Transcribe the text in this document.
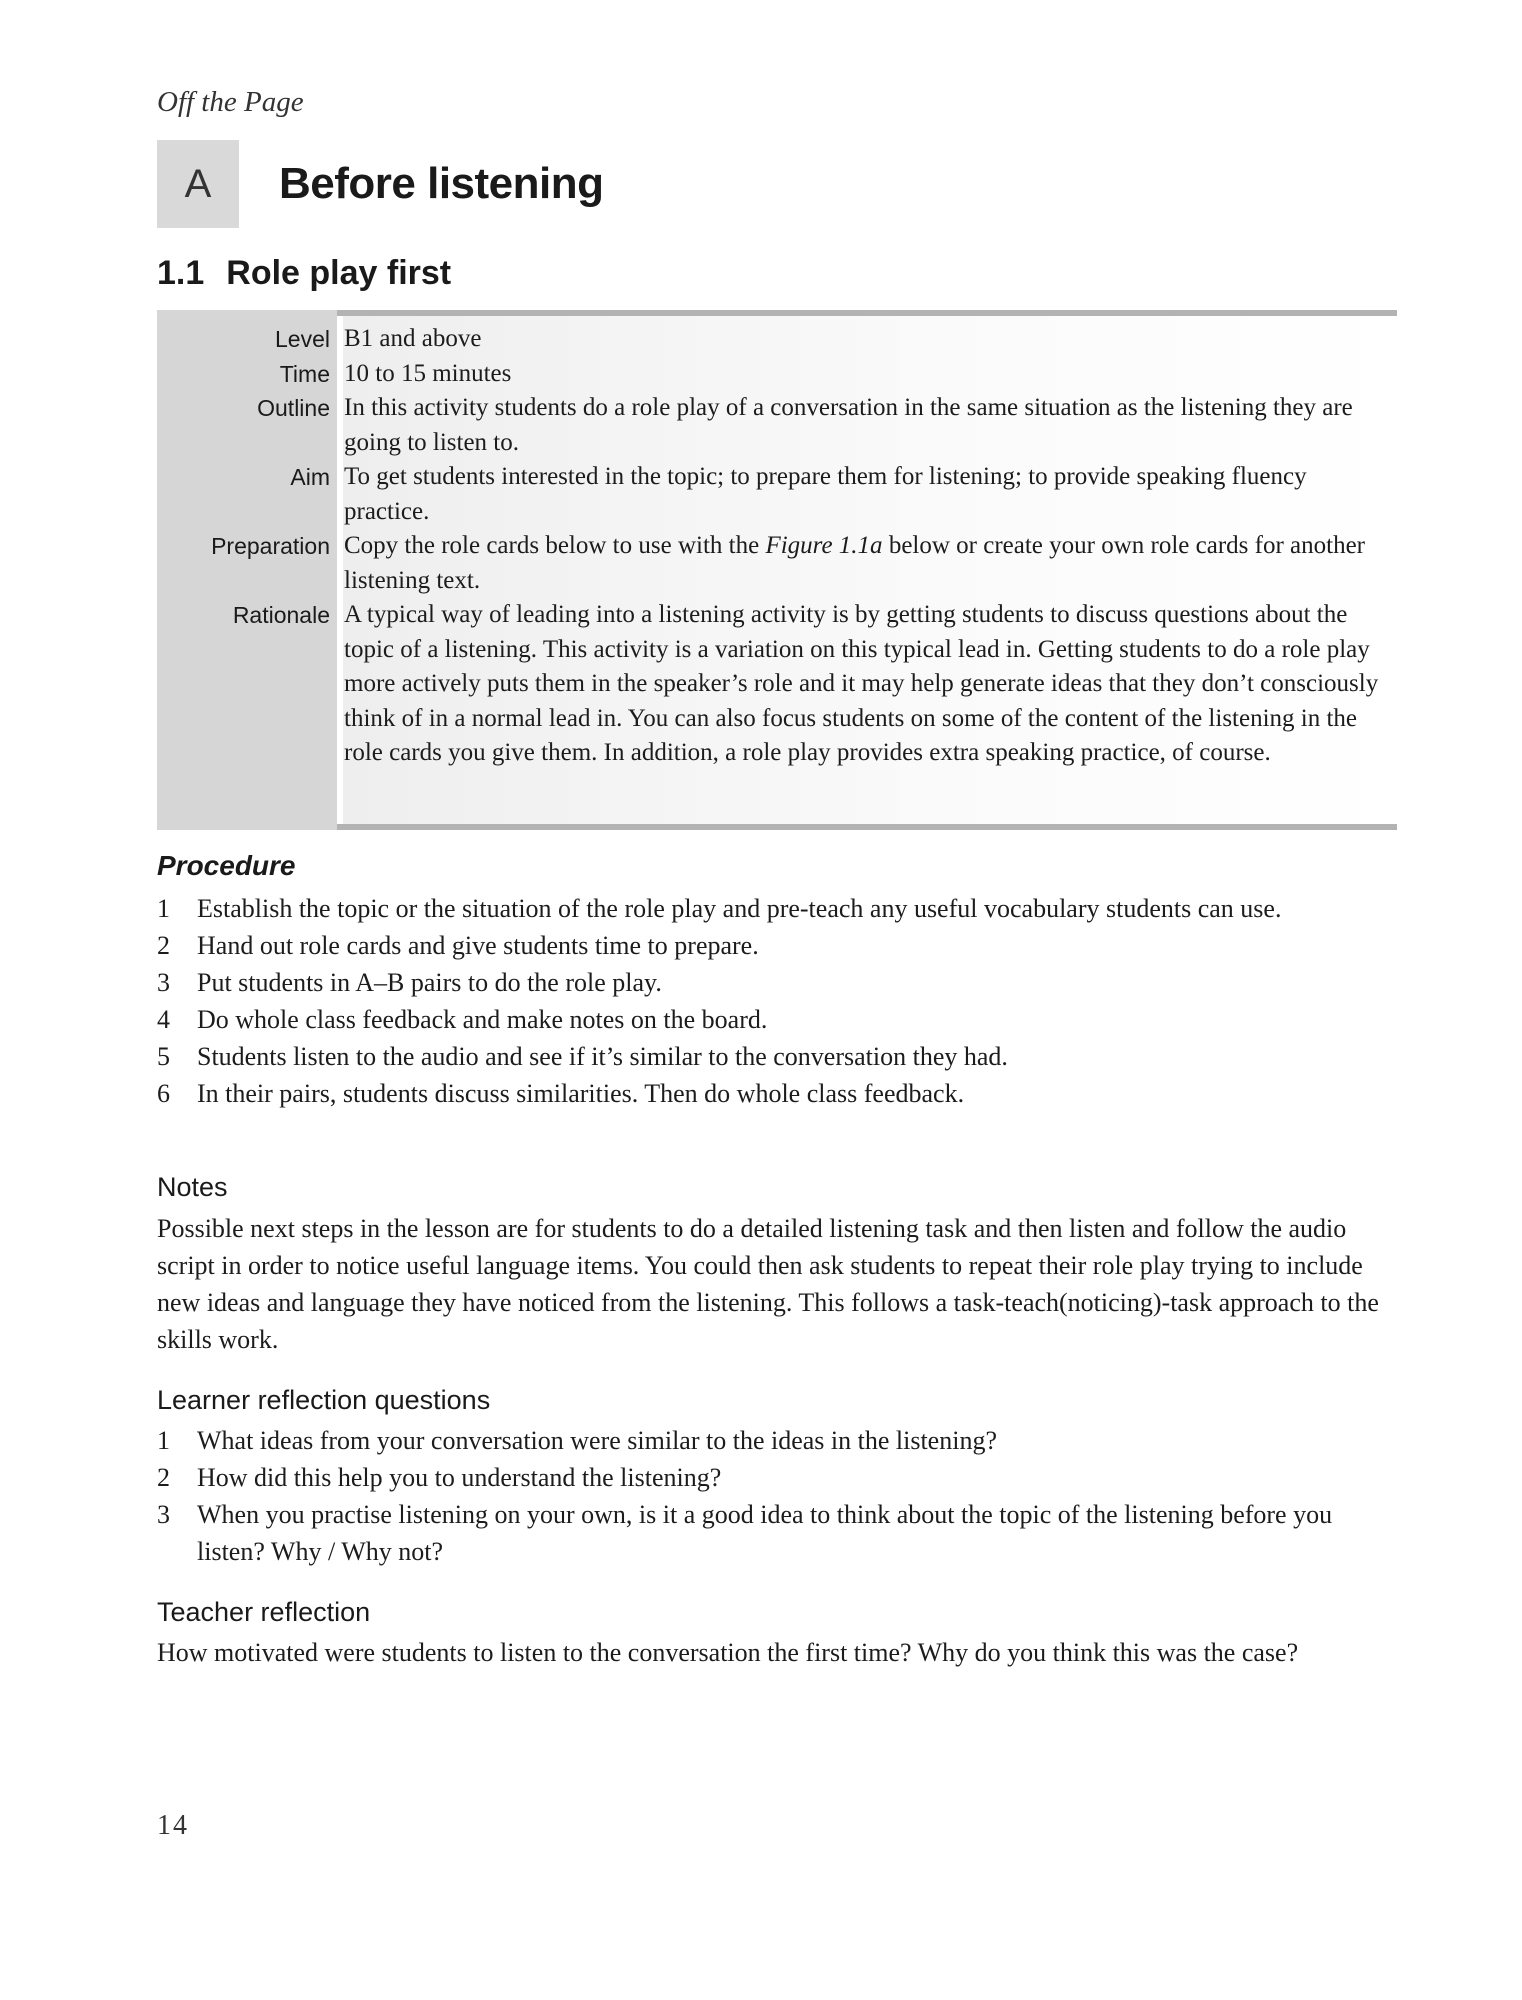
Off the Page
A	Before listening
1.1 Role play first
Level B1 and above
Time 10 to 15 minutes
Outline In this activity students do a role play of a conversation in the same situation as the listening they are going to listen to.
Aim To get students interested in the topic; to prepare them for listening; to provide speaking fluency practice.
Preparation Copy the role cards below to use with the Figure 1.1a below or create your own role cards for another listening text.
Rationale A typical way of leading into a listening activity is by getting students to discuss questions about the topic of a listening. This activity is a variation on this typical lead in. Getting students to do a role play more actively puts them in the speaker’s role and it may help generate ideas that they don’t consciously think of in a normal lead in. You can also focus students on some of the content of the listening in the role cards you give them. In addition, a role play provides extra speaking practice, of course.
Procedure
1	Establish the topic or the situation of the role play and pre-teach any useful vocabulary students can use.
2	Hand out role cards and give students time to prepare.
3	Put students in A–B pairs to do the role play.
4	Do whole class feedback and make notes on the board.
5	Students listen to the audio and see if it’s similar to the conversation they had.
6	In their pairs, students discuss similarities. Then do whole class feedback.
Notes

Possible next steps in the lesson are for students to do a detailed listening task and then listen and follow the audio script in order to notice useful language items. You could then ask students to repeat their role play trying to include new ideas and language they have noticed from the listening. This follows a task-teach(noticing)-task approach to the skills work.

Learner reflection questions
1	What ideas from your conversation were similar to the ideas in the listening?
2	How did this help you to understand the listening?
3	When you practise listening on your own, is it a good idea to think about the topic of the listening before you listen? Why / Why not?
Teacher reflection

How motivated were students to listen to the conversation the first time? Why do you think this was the case?

14
